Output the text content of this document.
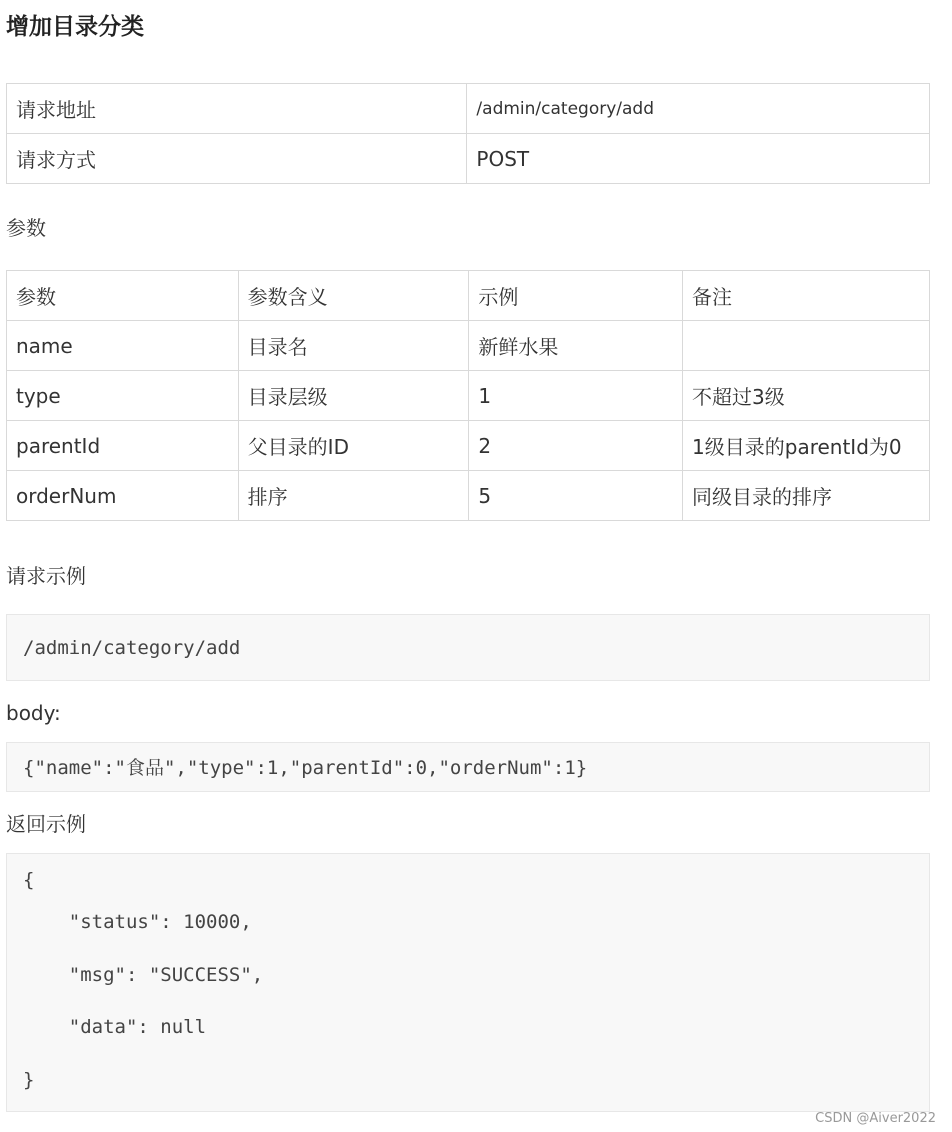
增加目录分类
请求地址	/admin/category/add
请求方式	POST
参数
参数	参数含义	示例	备注
name	目录名	新鲜水果	
type	目录层级	1	不超过3级
parentId	父目录的ID	2	1级目录的parentId为0
orderNum	排序	5	同级目录的排序
请求示例
/admin/category/add
body:
{"name":"食品","type":1,"parentId":0,"orderNum":1}
返回示例
{
"status": 10000,
"msg": "SUCCESS",
"data": null
}
CSDN @Aiver2022
